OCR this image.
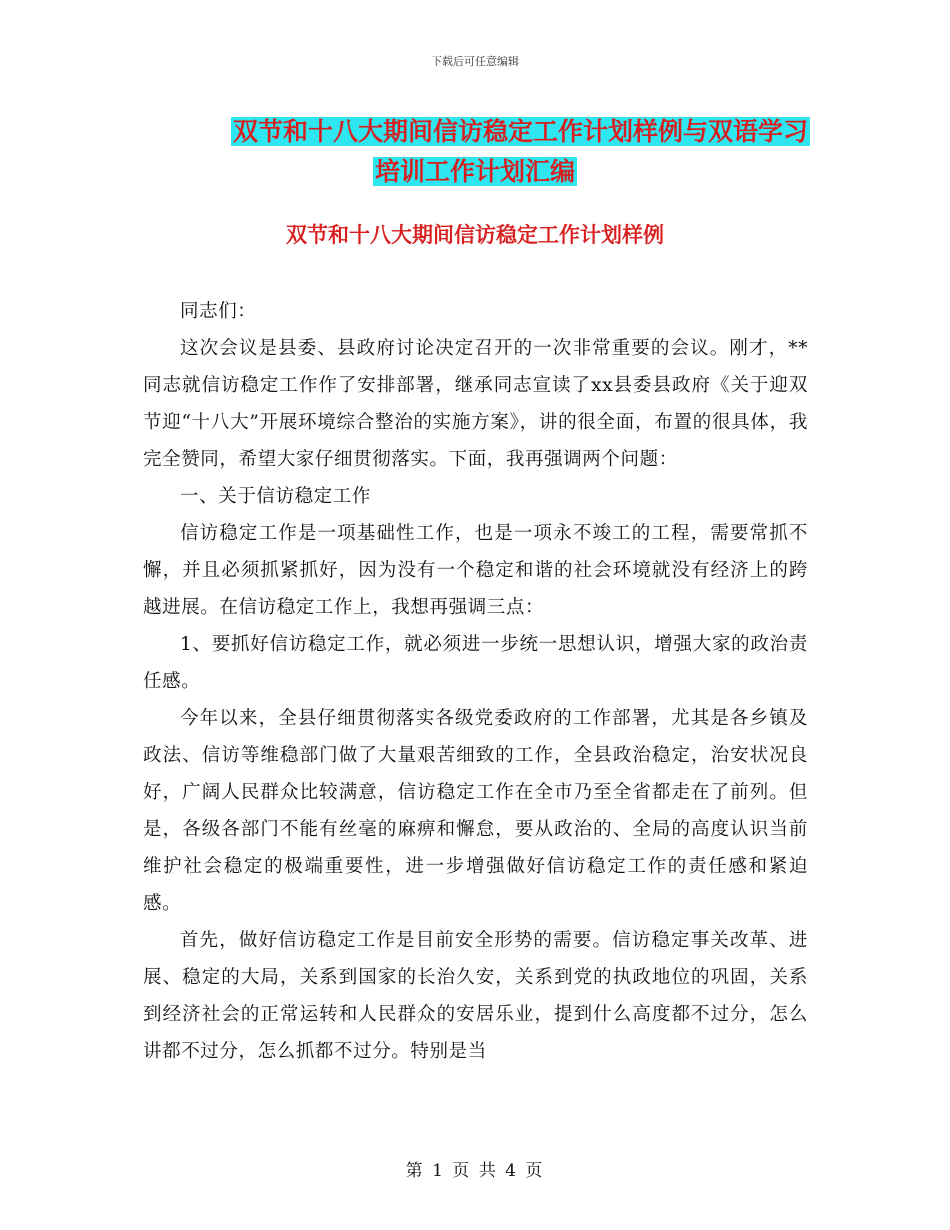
下载后可任意编辑
双节和十八大期间信访稳定工作计划样例与双语学习
培训工作计划汇编
双节和十八大期间信访稳定工作计划样例

同志们：

这次会议是县委、县政府讨论决定召开的一次非常重要的会议。刚才，**同志就信访稳定工作作了安排部署，继承同志宣读了xx县委县政府《关于迎双节迎“十八大”开展环境综合整治的实施方案》，讲的很全面，布置的很具体，我完全赞同，希望大家仔细贯彻落实。下面，我再强调两个问题：

一、关于信访稳定工作

信访稳定工作是一项基础性工作，也是一项永不竣工的工程，需要常抓不懈，并且必须抓紧抓好，因为没有一个稳定和谐的社会环境就没有经济上的跨越进展。在信访稳定工作上，我想再强调三点：

1、要抓好信访稳定工作，就必须进一步统一思想认识，增强大家的政治责任感。

今年以来，全县仔细贯彻落实各级党委政府的工作部署，尤其是各乡镇及政法、信访等维稳部门做了大量艰苦细致的工作，全县政治稳定，治安状况良好，广阔人民群众比较满意，信访稳定工作在全市乃至全省都走在了前列。但是，各级各部门不能有丝毫的麻痹和懈怠，要从政治的、全局的高度认识当前维护社会稳定的极端重要性，进一步增强做好信访稳定工作的责任感和紧迫感。

首先，做好信访稳定工作是目前安全形势的需要。信访稳定事关改革、进展、稳定的大局，关系到国家的长治久安，关系到党的执政地位的巩固，关系到经济社会的正常运转和人民群众的安居乐业，提到什么高度都不过分，怎么讲都不过分，怎么抓都不过分。特别是当

第 1 页 共 4 页
